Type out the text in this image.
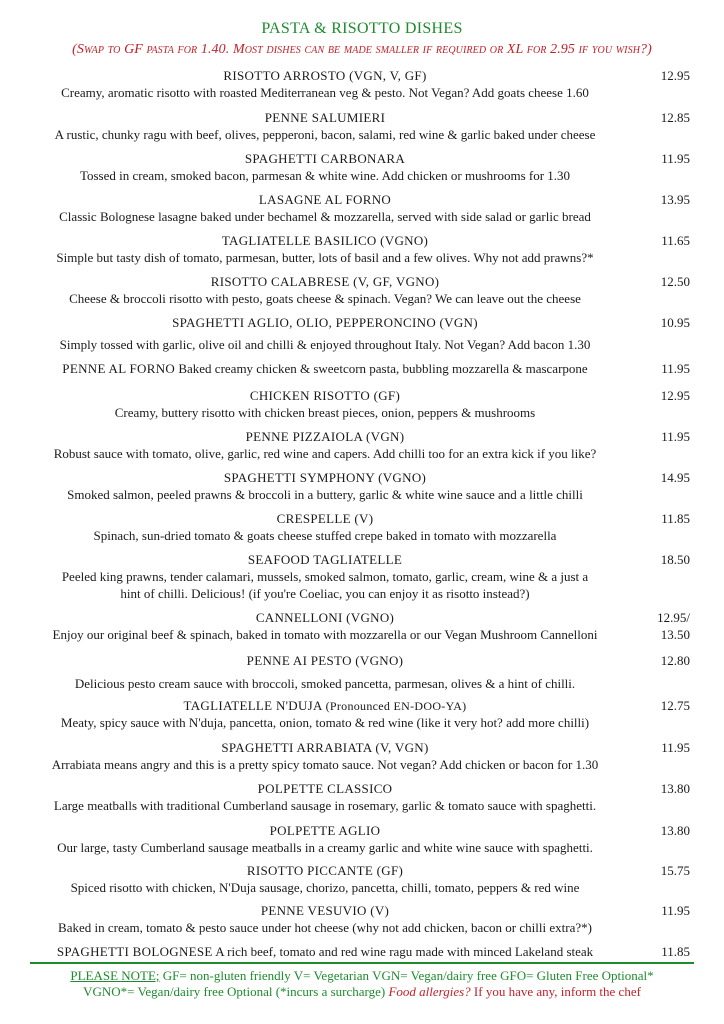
PASTA & RISOTTO DISHES
(Swap to GF pasta for 1.40. Most dishes can be made smaller if required or XL for 2.95 if you wish?)
RISOTTO ARROSTO (VGN, V, GF)	12.95
Creamy, aromatic risotto with roasted Mediterranean veg & pesto. Not Vegan? Add goats cheese 1.60
PENNE SALUMIERI	12.85
A rustic, chunky ragu with beef, olives, pepperoni, bacon, salami, red wine & garlic baked under cheese
SPAGHETTI CARBONARA	11.95
Tossed in cream, smoked bacon, parmesan & white wine. Add chicken or mushrooms for 1.30
LASAGNE AL FORNO	13.95
Classic Bolognese lasagne baked under bechamel & mozzarella, served with side salad or garlic bread
TAGLIATELLE BASILICO (VGNO)	11.65
Simple but tasty dish of tomato, parmesan, butter, lots of basil and a few olives. Why not add prawns?*
RISOTTO CALABRESE (V, GF, VGNO)	12.50
Cheese & broccoli risotto with pesto, goats cheese & spinach. Vegan? We can leave out the cheese
SPAGHETTI AGLIO, OLIO, PEPPERONCINO (VGN)	10.95
Simply tossed with garlic, olive oil and chilli & enjoyed throughout Italy. Not Vegan? Add bacon 1.30
PENNE AL FORNO Baked creamy chicken & sweetcorn pasta, bubbling mozzarella & mascarpone	11.95
CHICKEN RISOTTO (GF)	12.95
Creamy, buttery risotto with chicken breast pieces, onion, peppers & mushrooms
PENNE PIZZAIOLA (VGN)	11.95
Robust sauce with tomato, olive, garlic, red wine and capers. Add chilli too for an extra kick if you like?
SPAGHETTI SYMPHONY (VGNO)	14.95
Smoked salmon, peeled prawns & broccoli in a buttery, garlic & white wine sauce and a little chilli
CRESPELLE (V)	11.85
Spinach, sun-dried tomato & goats cheese stuffed crepe baked in tomato with mozzarella
SEAFOOD TAGLIATELLE	18.50
Peeled king prawns, tender calamari, mussels, smoked salmon, tomato, garlic, cream, wine & a just a
hint of chilli. Delicious! (if you're Coeliac, you can enjoy it as risotto instead?)
CANNELLONI (VGNO)	12.95/
Enjoy our original beef & spinach, baked in tomato with mozzarella or our Vegan Mushroom Cannelloni	13.50
PENNE AI PESTO (VGNO)	12.80
Delicious pesto cream sauce with broccoli, smoked pancetta, parmesan, olives & a hint of chilli.
TAGLIATELLE N'DUJA (Pronounced EN-DOO-YA)	12.75
Meaty, spicy sauce with N'duja, pancetta, onion, tomato & red wine (like it very hot? add more chilli)
SPAGHETTI ARRABIATA (V, VGN)	11.95
Arrabiata means angry and this is a pretty spicy tomato sauce. Not vegan? Add chicken or bacon for 1.30
POLPETTE CLASSICO	13.80
Large meatballs with traditional Cumberland sausage in rosemary, garlic & tomato sauce with spaghetti.
POLPETTE AGLIO	13.80
Our large, tasty Cumberland sausage meatballs in a creamy garlic and white wine sauce with spaghetti.
RISOTTO PICCANTE (GF)	15.75
Spiced risotto with chicken, N'Duja sausage, chorizo, pancetta, chilli, tomato, peppers & red wine
PENNE VESUVIO (V)	11.95
Baked in cream, tomato & pesto sauce under hot cheese (why not add chicken, bacon or chilli extra?*)
SPAGHETTI BOLOGNESE A rich beef, tomato and red wine ragu made with minced Lakeland steak	11.85
PLEASE NOTE; GF= non-gluten friendly V= Vegetarian VGN= Vegan/dairy free GFO= Gluten Free Optional*
VGNO*= Vegan/dairy free Optional (*incurs a surcharge) Food allergies? If you have any, inform the chef
